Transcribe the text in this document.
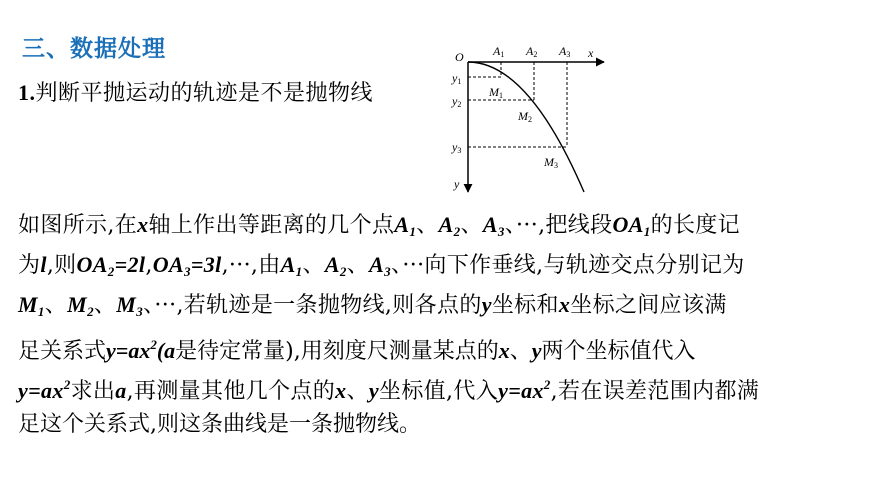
三、数据处理
1.判断平抛运动的轨迹是不是抛物线
O	x
y
A1 A2 A3
y1
y2
y3
M1
M2
M3
如图所示,在x轴上作出等距离的几个点$A_1$、$A_2$、$A_3$、···,把线段$OA_1$的长度记
为l,则$OA_2=2l,OA_3=3l,\cdot\cdot\cdot$,由$A_1$、$A_2$、$A_3$、···向下作垂线,与轨迹交点分别记为
$M_1$、$M_2$、$M_3$、···,若轨迹是一条抛物线,则各点的y坐标和x坐标之间应该满
足关系式$y=ax^2(a$是待定常量),用刻度尺测量某点的x、y两个坐标值代入
$y=ax^2$求出a,再测量其他几个点的x、y坐标值,代入$y=ax^2$,若在误差范围内都满
足这个关系式,则这条曲线是一条抛物线。
